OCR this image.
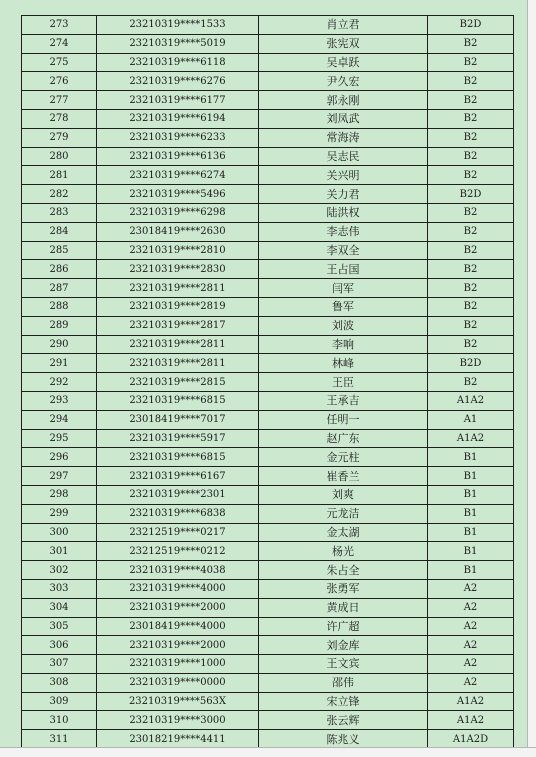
273	23210319****1533	肖立君	B2D
274	23210319****5019	张宪双	B2
275	23210319****6118	吴卓跃	B2
276	23210319****6276	尹久宏	B2
277	23210319****6177	郭永刚	B2
278	23210319****6194	刘凤武	B2
279	23210319****6233	常海涛	B2
280	23210319****6136	吴志民	B2
281	23210319****6274	关兴明	B2
282	23210319****5496	关力君	B2D
283	23210319****6298	陆洪权	B2
284	23018419****2630	李志伟	B2
285	23210319****2810	李双全	B2
286	23210319****2830	王占国	B2
287	23210319****2811	闫军	B2
288	23210319****2819	鲁军	B2
289	23210319****2817	刘波	B2
290	23210319****2811	李响	B2
291	23210319****2811	林峰	B2D
292	23210319****2815	王臣	B2
293	23210319****6815	王承吉	A1A2
294	23018419****7017	任明一	A1
295	23210319****5917	赵广东	A1A2
296	23210319****6815	金元柱	B1
297	23210319****6167	崔香兰	B1
298	23210319****2301	刘爽	B1
299	23210319****6838	元龙洁	B1
300	23212519****0217	金太湖	B1
301	23212519****0212	杨光	B1
302	23210319****4038	朱占全	B1
303	23210319****4000	张勇军	A2
304	23210319****2000	黄成日	A2
305	23018419****4000	许广超	A2
306	23210319****2000	刘金库	A2
307	23210319****1000	王文宾	A2
308	23210319****0000	邵伟	A2
309	23210319****563X	宋立锋	A1A2
310	23210319****3000	张云辉	A1A2
311	23018219****4411	陈兆义	A1A2D
